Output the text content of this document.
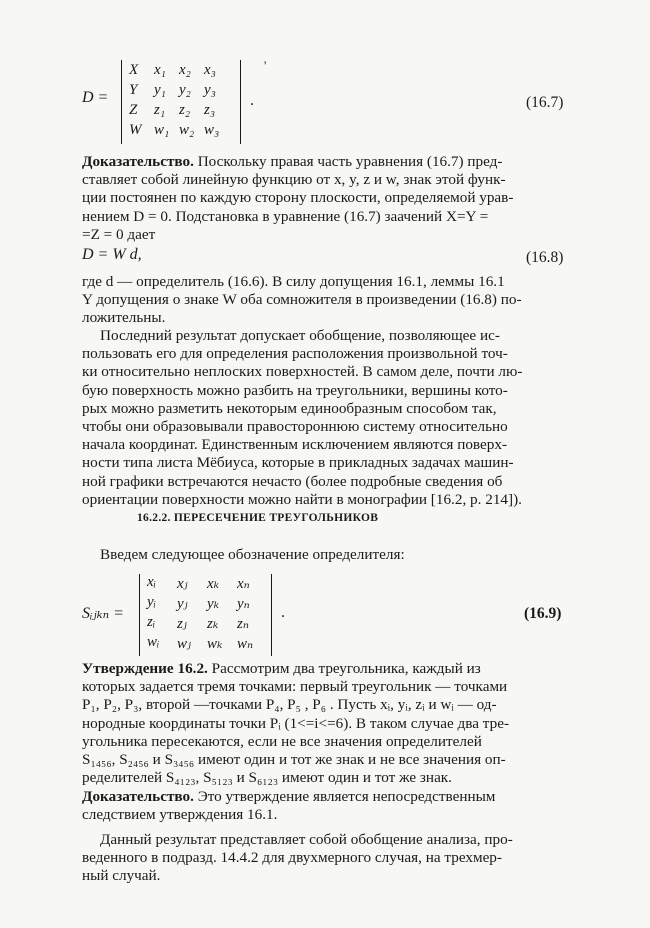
D =
X	x₁ x₂ x₃
Y	y₁ y₂ y₃
Z	z₁ z₂ z₃
W w₁ w₂ w₃
'
.	(16.7)
Доказательство. Поскольку правая часть уравнения (16.7) пред-
ставляет собой линейную функцию от x, y, z и w, знак этой функ-
ции постоянен по каждую сторону плоскости, определяемой урав-
нением D = 0. Подстановка в уравнение (16.7) заачений X=Y =
=Z = 0 дает
D = W d,	(16.8)
где d — определитель (16.6). В силу допущения 16.1, леммы 16.1
Y допущения о знаке W оба сомножителя в произведении (16.8) по-
ложительны.
Последний результат допускает обобщение, позволяющее ис-
пользовать его для определения расположения произвольной точ-
ки относительно неплоских поверхностей. В самом деле, почти лю-
бую поверхность можно разбить на треугольники, вершины кото-
рых можно разметить некоторым единообразным способом так,
чтобы они образовывали правостороннюю систему относительно
начала координат. Единственным исключением являются поверх-
ности типа листа Мёбиуса, которые в прикладных задачах машин-
ной графики встречаются нечасто (более подробные сведения об
ориентации поверхности можно найти в монографии [16.2, р. 214]).
16.2.2. ПЕРЕСЕЧЕНИЕ ТРЕУГОЛЬНИКОВ
Введем следующее обозначение определителя:
Sᵢⱼₖₙ =
xᵢ	xⱼ	xₖ	xₙ
yᵢ	yⱼ	yₖ	yₙ
zᵢ	zⱼ	zₖ	zₙ
wᵢ	wⱼ	wₖ wₙ
.	(16.9)
Утверждение 16.2. Рассмотрим два треугольника, каждый из
которых задается тремя точками: первый треугольник — точками
P₁, P₂, P₃, второй —точками P₄, P₅ , P₆ . Пусть xᵢ, yᵢ, zᵢ и wᵢ — од-
нородные координаты точки Pᵢ (1<=i<=6). В таком случае два тре-
угольника пересекаются, если не все значения определителей
S₁₄₅₆, S₂₄₅₆ и S₃₄₅₆ имеют один и тот же знак и не все значения оп-
ределителей S₄₁₂₃, S₅₁₂₃ и S₆₁₂₃ имеют один и тот же знак.
Доказательство. Это утверждение является непосредственным
следствием утверждения 16.1.
Данный результат представляет собой обобщение анализа, про-
веденного в подразд. 14.4.2 для двухмерного случая, на трехмер-
ный случай.
